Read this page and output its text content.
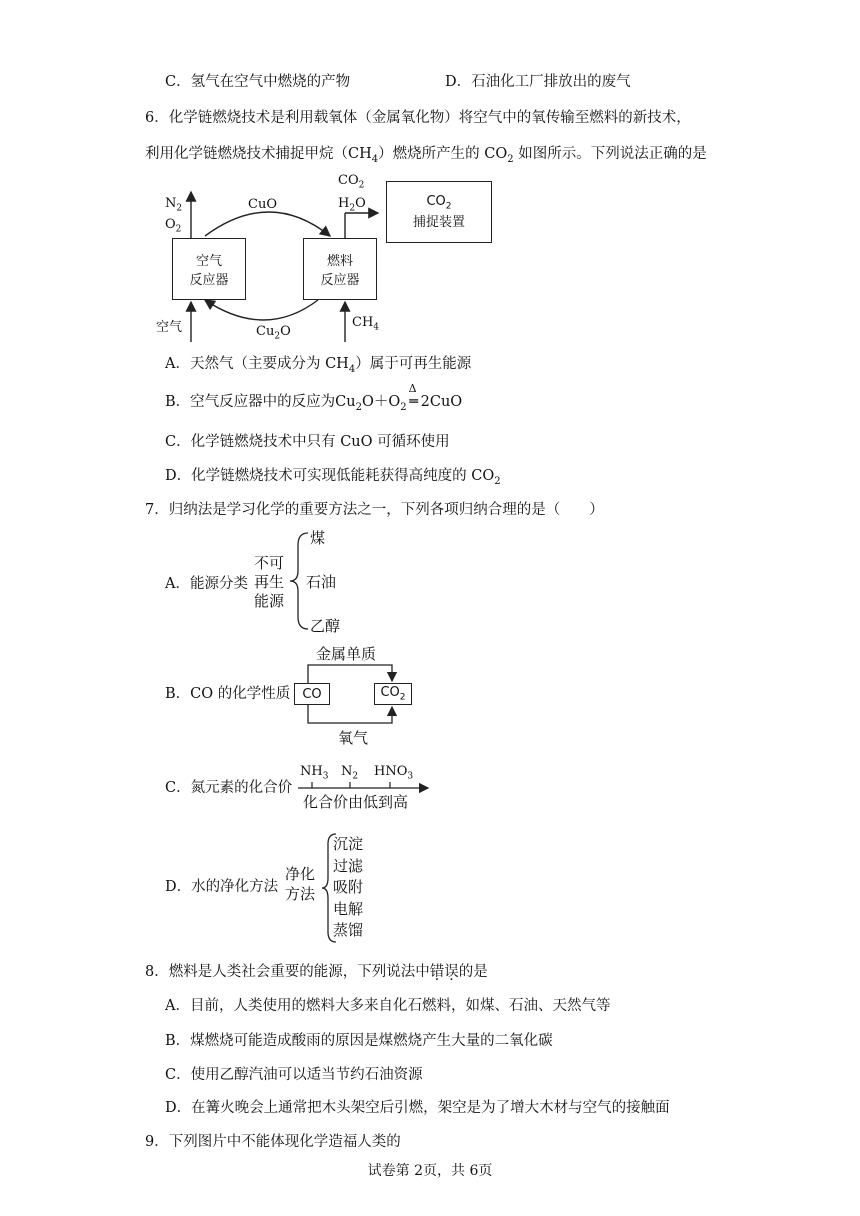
C．氢气在空气中燃烧的产物	D．石油化工厂排放出的废气
6．化学链燃烧技术是利用载氧体（金属氧化物）将空气中的氧传输至燃料的新技术，
利用化学链燃烧技术捕捉甲烷$(CH_4)$燃烧所产生的 $CO_2$ 如图所示。下列说法正确的是
空气
反应器
燃料
反应器
$CO_2$
捕捉装置
$N_2$
$O_2$
CuO
$CO_2$
$H_2O$
$Cu_2O$
$CH_4$
空气
A．天然气（主要成分为 $CH_4$）属于可再生能源
B．空气反应器中的反应为$Cu_2O+O_2$
Δ
═ 2CuO
C．化学链燃烧技术中只有 CuO 可循环使用
D．化学链燃烧技术可实现低能耗获得高纯度的 $CO_2$
7．归纳法是学习化学的重要方法之一，下列各项归纳合理的是（　　）
A．能源分类
不可
再生
能源
煤
石油
乙醇
B．CO 的化学性质 CO	$CO_2$
金属单质
氧气
C．氮元素的化合价
$NH_3$ $N_2$ $HNO_3$
化合价由低到高
D．水的净化方法
净化
方法
沉淀
过滤
吸附
电解
蒸馏
8．燃料是人类社会重要的能源，下列说法中错误的是
A．目前，人类使用的燃料大多来自化石燃料，如煤、石油、天然气等
B．煤燃烧可能造成酸雨的原因是煤燃烧产生大量的二氧化碳
C．使用乙醇汽油可以适当节约石油资源
D．在篝火晚会上通常把木头架空后引燃，架空是为了增大木材与空气的接触面
9．下列图片中不能体现化学造福人类的
试卷第 2页，共 6页
